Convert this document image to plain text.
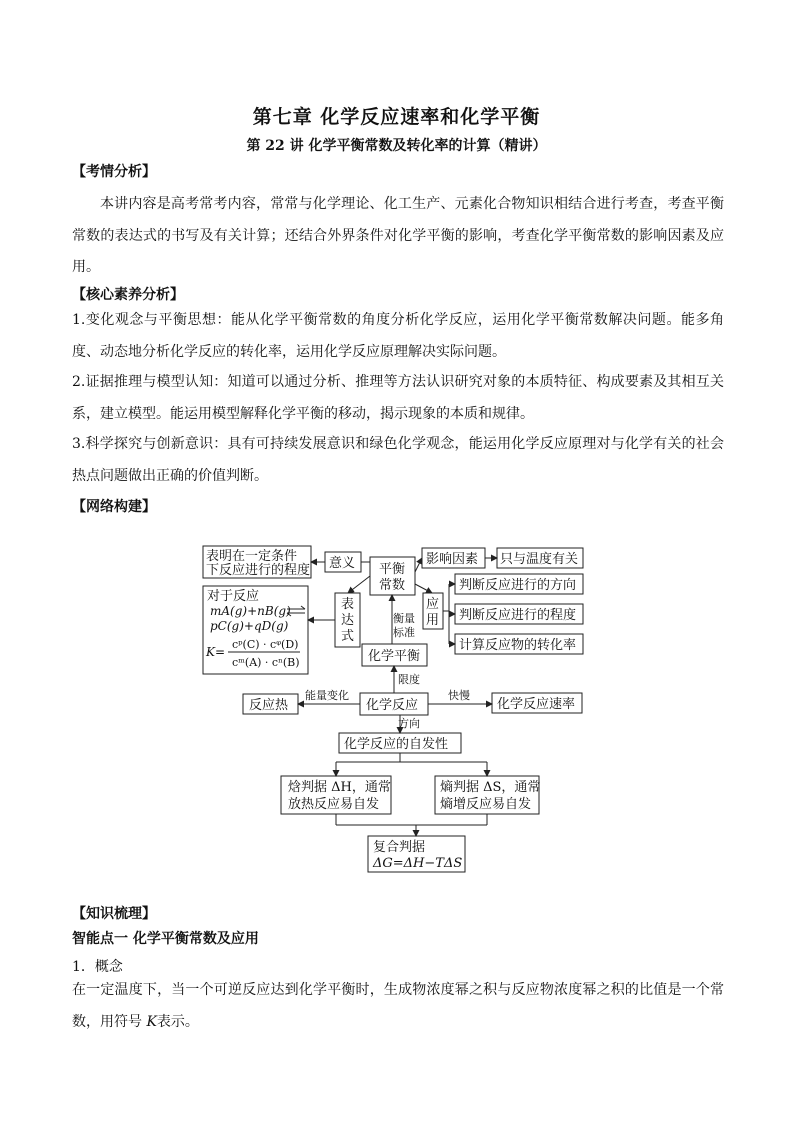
第七章 化学反应速率和化学平衡
第 22 讲 化学平衡常数及转化率的计算（精讲）
【考情分析】
本讲内容是高考常考内容，常常与化学理论、化工生产、元素化合物知识相结合进行考查，考查平衡常数的表达式的书写及有关计算；还结合外界条件对化学平衡的影响，考查化学平衡常数的影响因素及应用。
【核心素养分析】
1.变化观念与平衡思想：能从化学平衡常数的角度分析化学反应，运用化学平衡常数解决问题。能多角度、动态地分析化学反应的转化率，运用化学反应原理解决实际问题。
2.证据推理与模型认知：知道可以通过分析、推理等方法认识研究对象的本质特征、构成要素及其相互关系，建立模型。能运用模型解释化学平衡的移动，揭示现象的本质和规律。
3.科学探究与创新意识：具有可持续发展意识和绿色化学观念，能运用化学反应原理对与化学有关的社会热点问题做出正确的价值判断。
【网络构建】
表明在一定条件
下反应进行的程度 意义 平衡
常数
影响因素 只与温度有关
对于反应
mA(g)+nB(g)
pC(g)+qD(g)
K=
cᵖ(C) · cᵠ(D)
cᵐ(A) · cⁿ(B)
表
达
式
应
用
判断反应进行的方向
判断反应进行的程度
计算反应物的转化率
衡量
标准
化学平衡
限度
化学反应
能量变化
反应热
快慢
化学反应速率
方向
化学反应的自发性
焓判据 ΔH，通常
放热反应易自发
熵判据 ΔS，通常
熵增反应易自发
复合判据
ΔG=ΔH−TΔS
【知识梳理】
智能点一 化学平衡常数及应用
1．概念
在一定温度下，当一个可逆反应达到化学平衡时，生成物浓度幂之积与反应物浓度幂之积的比值是一个常数，用符号 K表示。
